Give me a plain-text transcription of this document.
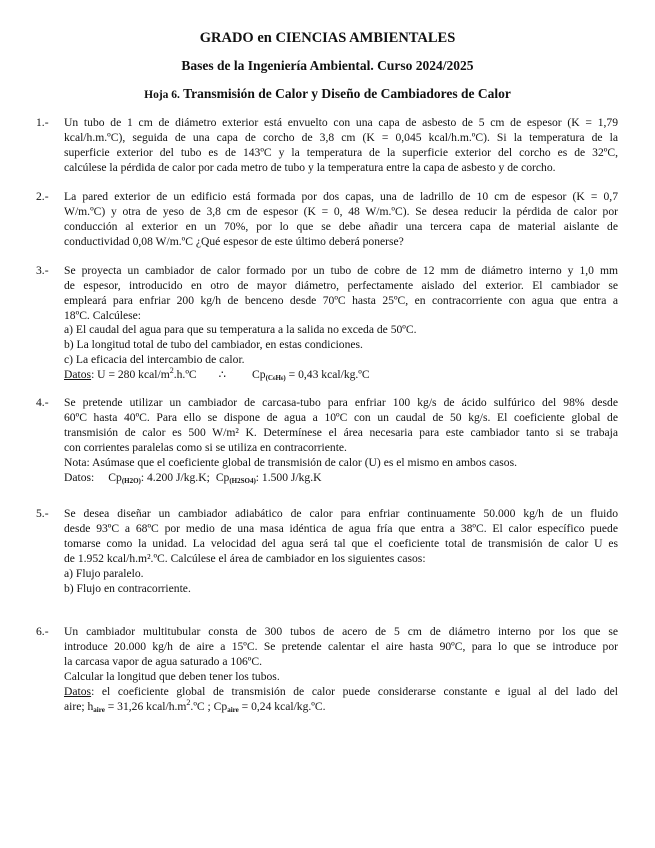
GRADO en CIENCIAS AMBIENTALES
Bases de la Ingeniería Ambiental. Curso 2024/2025
Hoja 6. Transmisión de Calor y Diseño de Cambiadores de Calor
1.- Un tubo de 1 cm de diámetro exterior está envuelto con una capa de asbesto de 5 cm de espesor (K = 1,79
kcal/h.m.ºC), seguida de una capa de corcho de 3,8 cm (K = 0,045 kcal/h.m.ºC). Si la temperatura de la
superficie exterior del tubo es de 143ºC y la temperatura de la superficie exterior del corcho es de 32ºC,
calcúlese la pérdida de calor por cada metro de tubo y la temperatura entre la capa de asbesto y de corcho.
2.- La pared exterior de un edificio está formada por dos capas, una de ladrillo de 10 cm de espesor (K = 0,7
W/m.ºC) y otra de yeso de 3,8 cm de espesor (K = 0, 48 W/m.ºC). Se desea reducir la pérdida de calor por
conducción al exterior en un 70%, por lo que se debe añadir una tercera capa de material aislante de
conductividad 0,08 W/m.ºC ¿Qué espesor de este último deberá ponerse?
3.- Se proyecta un cambiador de calor formado por un tubo de cobre de 12 mm de diámetro interno y 1,0 mm
de espesor, introducido en otro de mayor diámetro, perfectamente aislado del exterior. El cambiador se
empleará para enfriar 200 kg/h de benceno desde 70ºC hasta 25ºC, en contracorriente con agua que entra a
18ºC. Calcúlese:
a) El caudal del agua para que su temperatura a la salida no exceda de 50ºC.
b) La longitud total de tubo del cambiador, en estas condiciones.
c) La eficacia del intercambio de calor.
Datos: U = 280 kcal/$m^2.h.ºC$ ∴ Cp(C6H6) = 0,43 kcal/kg.ºC
4.- Se pretende utilizar un cambiador de carcasa-tubo para enfriar 100 kg/s de ácido sulfúrico del 98% desde
60ºC hasta 40ºC. Para ello se dispone de agua a 10ºC con un caudal de 50 kg/s. El coeficiente global de
transmisión de calor es 500 W/m² K. Determínese el área necesaria para este cambiador tanto si se trabaja
con corrientes paralelas como si se utiliza en contracorriente.
Nota: Asúmase que el coeficiente global de transmisión de calor (U) es el mismo en ambos casos.
Datos: Cp(H2O): 4.200 J/kg.K; Cp(H2SO4): 1.500 J/kg.K
5.- Se desea diseñar un cambiador adiabático de calor para enfriar continuamente 50.000 kg/h de un fluido
desde 93ºC a 68ºC por medio de una masa idéntica de agua fría que entra a 38ºC. El calor específico puede
tomarse como la unidad. La velocidad del agua será tal que el coeficiente total de transmisión de calor U es
de 1.952 kcal/h.m².ºC. Calcúlese el área de cambiador en los siguientes casos:
a) Flujo paralelo.
b) Flujo en contracorriente.
6.- Un cambiador multitubular consta de 300 tubos de acero de 5 cm de diámetro interno por los que se
introduce 20.000 kg/h de aire a 15ºC. Se pretende calentar el aire hasta 90ºC, para lo que se introduce por
la carcasa vapor de agua saturado a 106ºC.
Calcular la longitud que deben tener los tubos.
Datos: el coeficiente global de transmisión de calor puede considerarse constante e igual al del lado del
aire; haire = 31,26 kcal/$h.m^2.ºC$ ; Cpaire = 0,24 kcal/kg.ºC.
